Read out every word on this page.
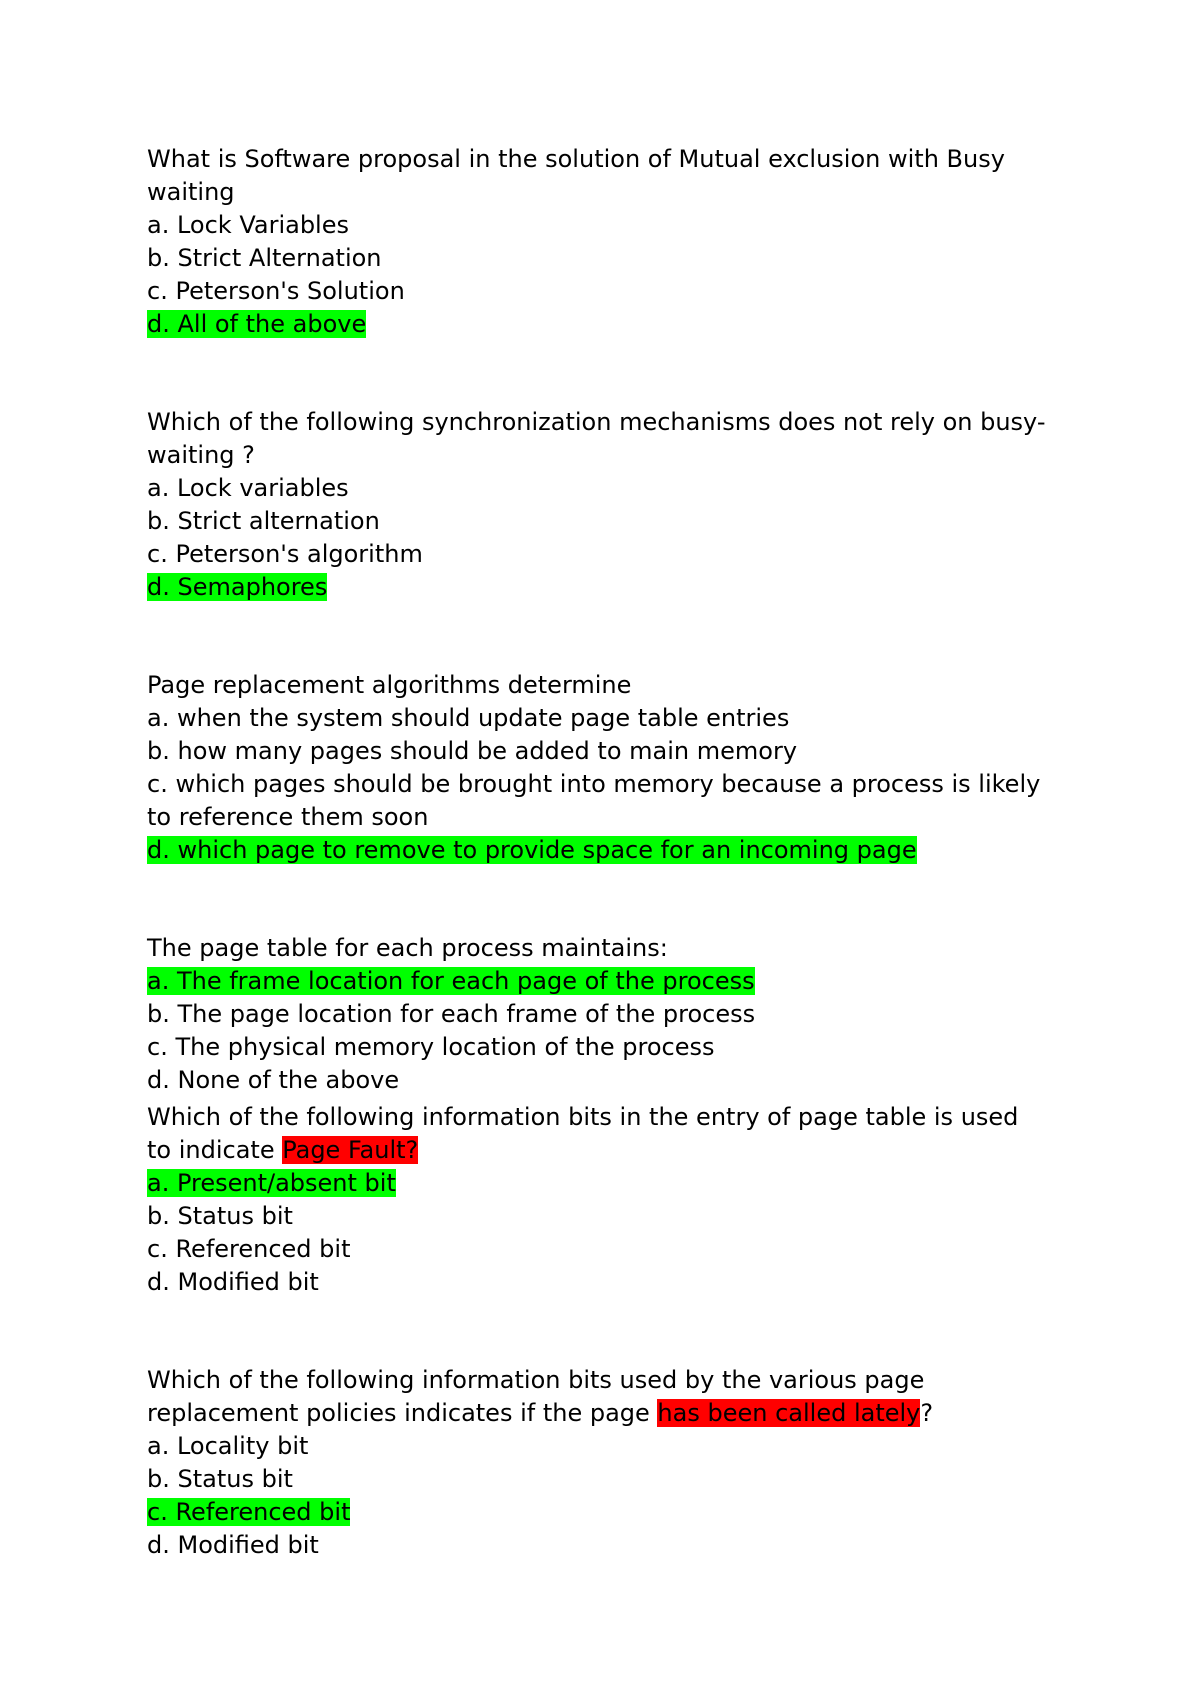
What is Software proposal in the solution of Mutual exclusion with Busy
waiting
a. Lock Variables
b. Strict Alternation
c. Peterson's Solution
d. All of the above
Which of the following synchronization mechanisms does not rely on busy-
waiting ?
a. Lock variables
b. Strict alternation
c. Peterson's algorithm
d. Semaphores
Page replacement algorithms determine
a. when the system should update page table entries
b. how many pages should be added to main memory
c. which pages should be brought into memory because a process is likely
to reference them soon
d. which page to remove to provide space for an incoming page
The page table for each process maintains:
a. The frame location for each page of the process
b. The page location for each frame of the process
c. The physical memory location of the process
d. None of the above
Which of the following information bits in the entry of page table is used
to indicate Page Fault?
a. Present/absent bit
b. Status bit
c. Referenced bit
d. Modified bit
Which of the following information bits used by the various page
replacement policies indicates if the page has been called lately?
a. Locality bit
b. Status bit
c. Referenced bit
d. Modified bit
